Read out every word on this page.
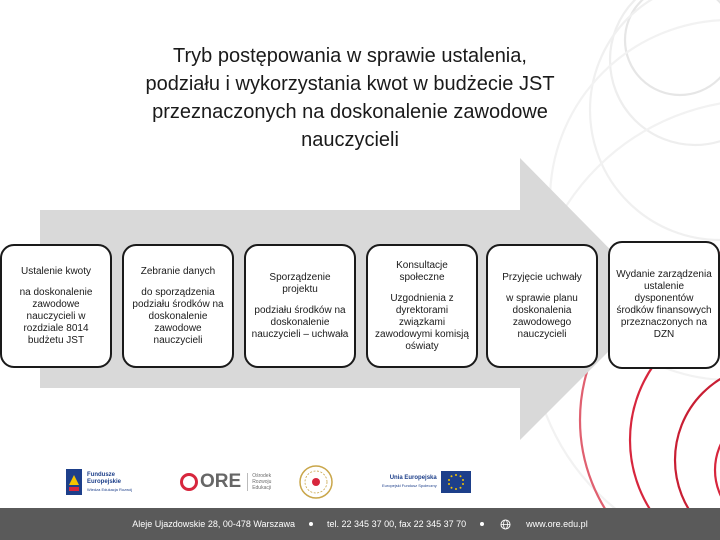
Tryb postępowania w sprawie ustalenia,
podziału i wykorzystania kwot w budżecie JST
przeznaczonych na doskonalenie zawodowe
nauczycieli
Ustalenie kwoty
na doskonalenie zawodowe nauczycieli w rozdziale 8014 budżetu JST
Zebranie danych
do sporządzenia podziału środków na doskonalenie zawodowe nauczycieli
Sporządzenie projektu
podziału środków na doskonalenie nauczycieli – uchwała
Konsultacje społeczne
Uzgodnienia z dyrektorami związkami zawodowymi komisją oświaty
Przyjęcie uchwały
w sprawie planu doskonalenia zawodowego nauczycieli
Wydanie zarządzenia
ustalenie dysponentów środków finansowych przeznaczonych na DZN
Fundusze
Europejskie
Wiedza Edukacja Rozwój	ORE Ośrodek
Rozwoju
Edukacji
Unia Europejska
Europejski Fundusz Społeczny
Aleje Ujazdowskie 28, 00-478 Warszawa	tel. 22 345 37 00, fax 22 345 37 70	www.ore.edu.pl
